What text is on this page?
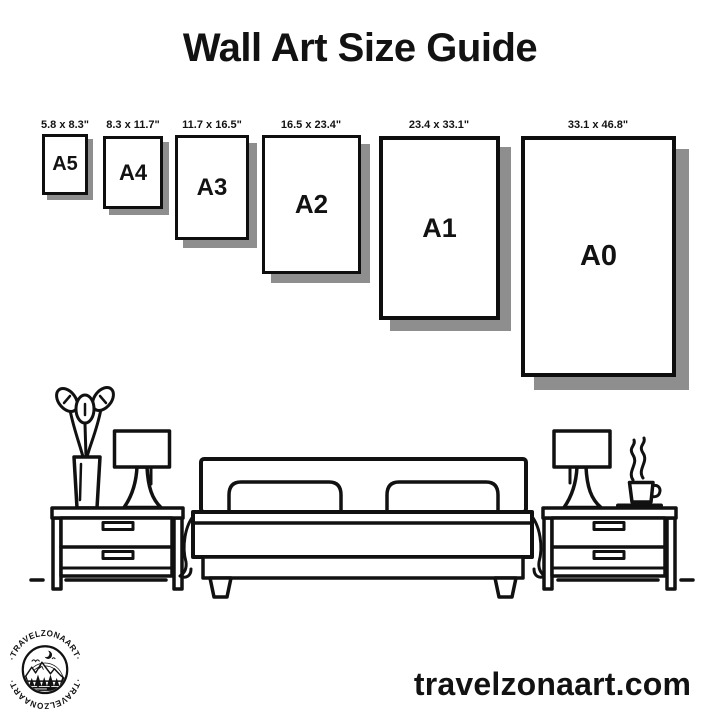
Wall Art Size Guide
5.8 x 8.3" 8.3 x 11.7" 11.7 x 16.5"	16.5 x 23.4"	23.4 x 33.1"	33.1 x 46.8"
A5 A4
A3
A2
A1
A0
·TRAVELZONAART·
·TRAVELZONAART·	travelzonaart.com
